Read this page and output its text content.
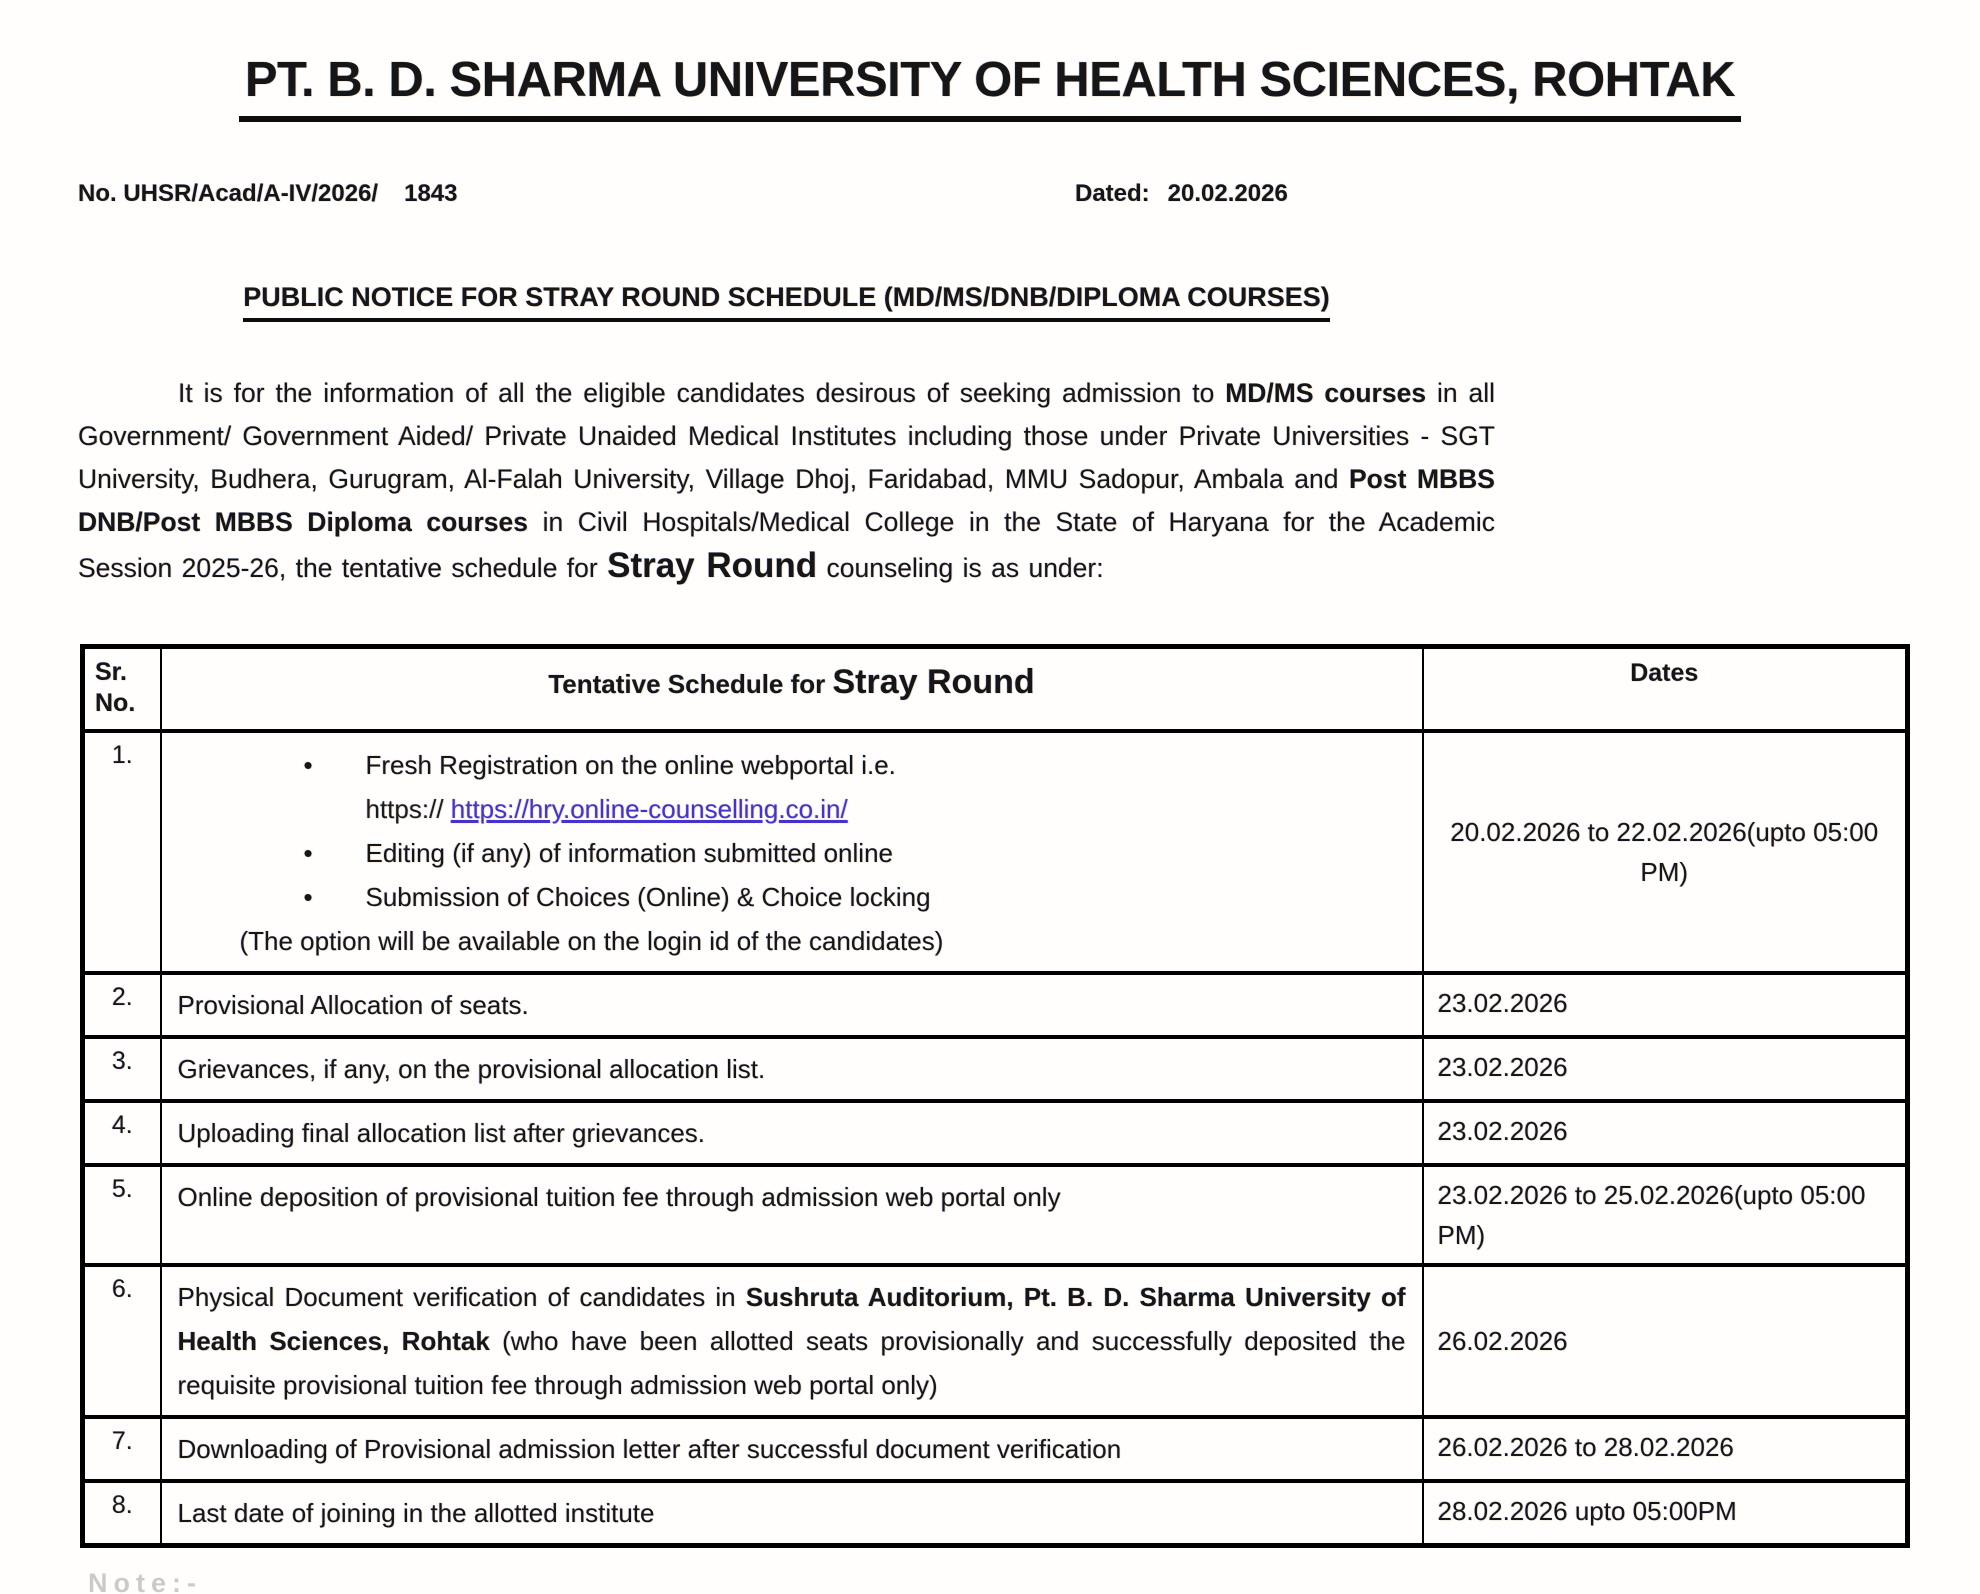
PT. B. D. SHARMA UNIVERSITY OF HEALTH SCIENCES, ROHTAK
No. UHSR/Acad/A-IV/2026/ 1843	Dated: 20.02.2026
PUBLIC NOTICE FOR STRAY ROUND SCHEDULE (MD/MS/DNB/DIPLOMA COURSES)

It is for the information of all the eligible candidates desirous of seeking admission to MD/MS courses in all Government/ Government Aided/ Private Unaided Medical Institutes including those under Private Universities - SGT University, Budhera, Gurugram, Al-Falah University, Village Dhoj, Faridabad, MMU Sadopur, Ambala and Post MBBS DNB/Post MBBS Diploma courses in Civil Hospitals/Medical College in the State of Haryana for the Academic Session 2025-26, the tentative schedule for Stray Round counseling is as under:

Sr.
No.	Tentative Schedule for Stray Round	Dates
1.	
•Fresh Registration on the online webportal i.e.
https:// https://hry.online-counselling.co.in/
• Editing (if any) of information submitted online
• Submission of Choices (Online) & Choice locking
(The option will be available on the login id of the candidates)
	20.02.2026 to 22.02.2026(upto 05:00 PM)
2.	Provisional Allocation of seats.	23.02.2026
3.	Grievances, if any, on the provisional allocation list.	23.02.2026
4.	Uploading final allocation list after grievances.	23.02.2026
5.	Online deposition of provisional tuition fee through admission web portal only	23.02.2026 to 25.02.2026(upto 05:00 PM)
6.	Physical Document verification of candidates in Sushruta Auditorium, Pt. B. D. Sharma University of Health Sciences, Rohtak (who have been allotted seats provisionally and successfully deposited the requisite provisional tuition fee through admission web portal only)	26.02.2026
7.	Downloading of Provisional admission letter after successful document verification	26.02.2026 to 28.02.2026
8.	Last date of joining in the allotted institute	28.02.2026 upto 05:00PM
Note:-
